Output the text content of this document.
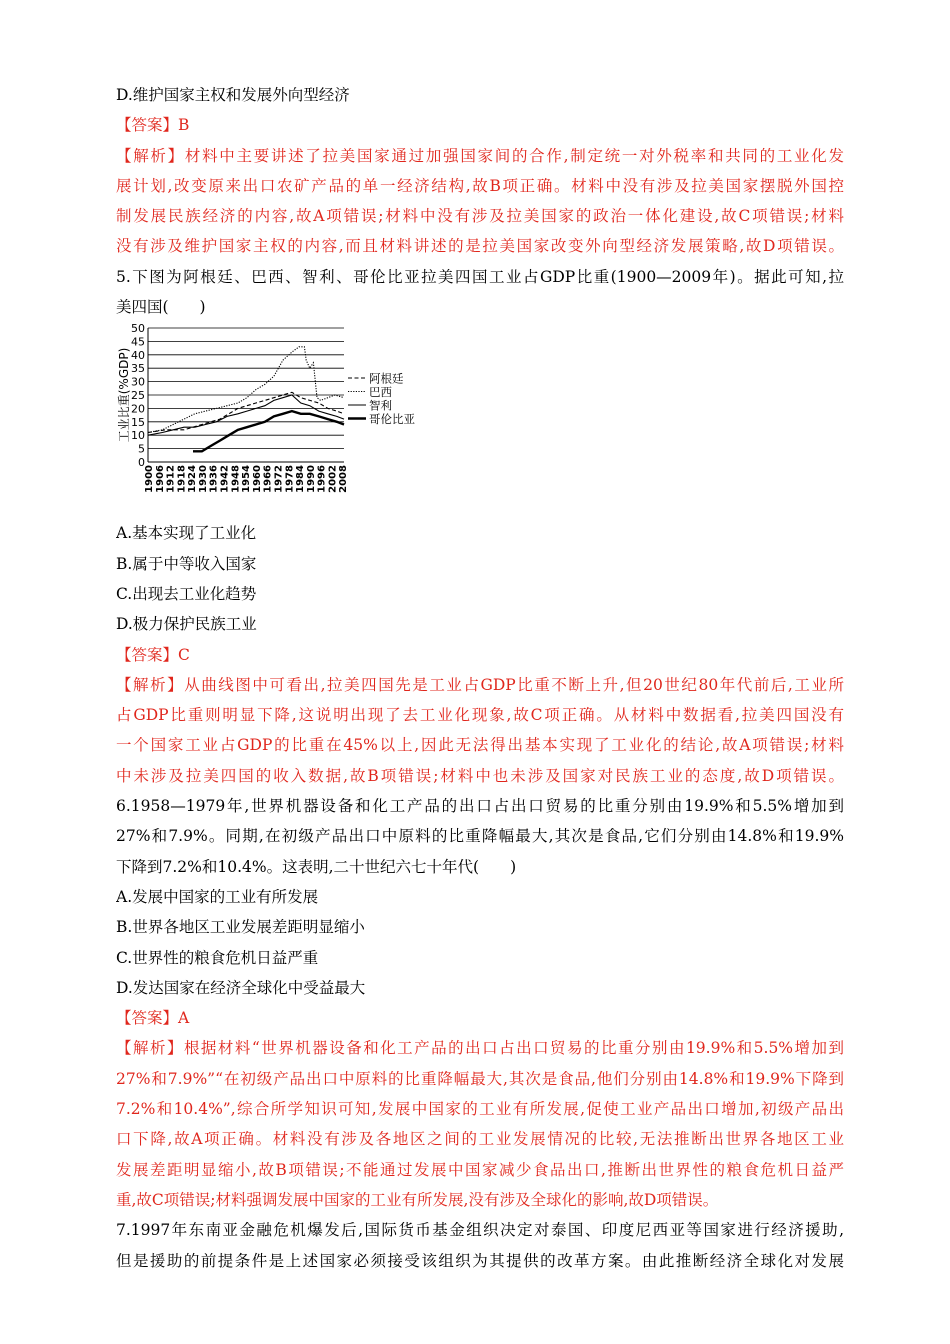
D.维护国家主权和发展外向型经济
【答案】B
【解析】材料中主要讲述了拉美国家通过加强国家间的合作,制定统一对外税率和共同的工业化发
展计划,改变原来出口农矿产品的单一经济结构,故B项正确。材料中没有涉及拉美国家摆脱外国控
制发展民族经济的内容,故A项错误;材料中没有涉及拉美国家的政治一体化建设,故C项错误;材料
没有涉及维护国家主权的内容,而且材料讲述的是拉美国家改变外向型经济发展策略,故D项错误。
5.下图为阿根廷、巴西、智利、哥伦比亚拉美四国工业占GDP比重(1900—2009年)。据此可知,拉
美四国(　　)
0
5
10
15
20
25
30
35
40
45
50
1900 1906 1912 1918 1924 1930 1936 1942 1948 1954 1960 1966 1972 1978 1984 1990 1996 2002 2008
工业比重(%GDP)	阿根廷
巴西
智利
哥伦比亚
A.基本实现了工业化
B.属于中等收入国家
C.出现去工业化趋势
D.极力保护民族工业
【答案】C
【解析】从曲线图中可看出,拉美四国先是工业占GDP比重不断上升,但20世纪80年代前后,工业所
占GDP比重则明显下降,这说明出现了去工业化现象,故C项正确。从材料中数据看,拉美四国没有
一个国家工业占GDP的比重在45%以上,因此无法得出基本实现了工业化的结论,故A项错误;材料
中未涉及拉美四国的收入数据,故B项错误;材料中也未涉及国家对民族工业的态度,故D项错误。
6.1958—1979年,世界机器设备和化工产品的出口占出口贸易的比重分别由19.9%和5.5%增加到
27%和7.9%。同期,在初级产品出口中原料的比重降幅最大,其次是食品,它们分别由14.8%和19.9%
下降到7.2%和10.4%。这表明,二十世纪六七十年代(　　)
A.发展中国家的工业有所发展
B.世界各地区工业发展差距明显缩小
C.世界性的粮食危机日益严重
D.发达国家在经济全球化中受益最大
【答案】A
【解析】根据材料“世界机器设备和化工产品的出口占出口贸易的比重分别由19.9%和5.5%增加到
27%和7.9%”“在初级产品出口中原料的比重降幅最大,其次是食品,他们分别由14.8%和19.9%下降到
7.2%和10.4%”,综合所学知识可知,发展中国家的工业有所发展,促使工业产品出口增加,初级产品出
口下降,故A项正确。材料没有涉及各地区之间的工业发展情况的比较,无法推断出世界各地区工业
发展差距明显缩小,故B项错误;不能通过发展中国家减少食品出口,推断出世界性的粮食危机日益严
重,故C项错误;材料强调发展中国家的工业有所发展,没有涉及全球化的影响,故D项错误。
7.1997年东南亚金融危机爆发后,国际货币基金组织决定对泰国、印度尼西亚等国家进行经济援助,
但是援助的前提条件是上述国家必须接受该组织为其提供的改革方案。由此推断经济全球化对发展
